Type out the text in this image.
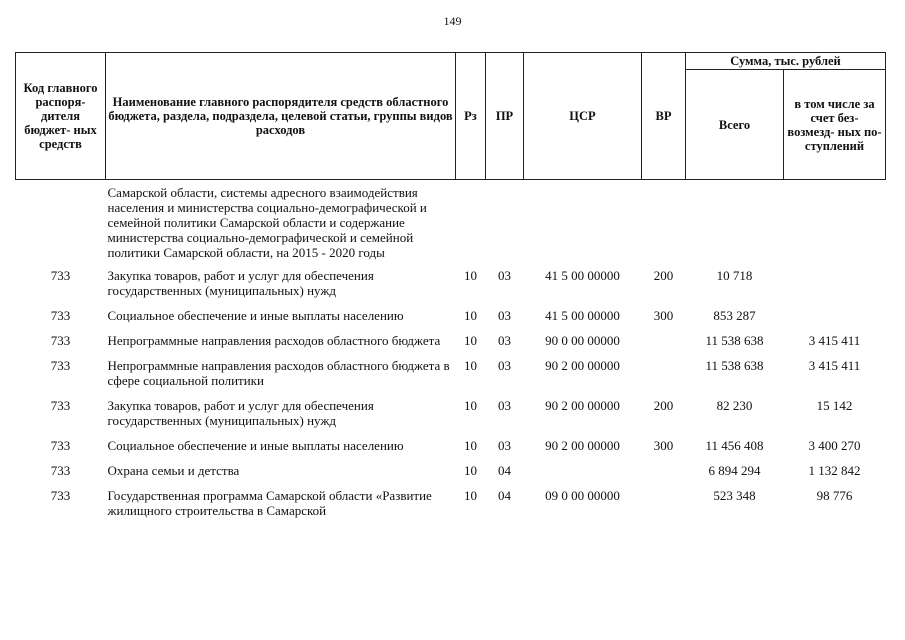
149
Код главного распоря- дителя бюджет- ных средств	Наименование главного распорядителя средств областного бюджета, раздела, подраздела, целевой статьи, группы видов расходов	Рз	ПР	ЦСР	ВР	Сумма, тыс. рублей	
						Всего	в том числе за счет без- возмезд- ных по- ступлений
	Самарской области, системы адресного взаимодействия населения и министерства социально-демографической и семейной политики Самарской области и содержание министерства социально-демографической и семейной политики Самарской области, на 2015 - 2020 годы						
733	Закупка товаров, работ и услуг для обеспечения государственных (муниципальных) нужд	10	03	41 5 00 00000	200	10 718	
733	Социальное обеспечение и иные выплаты населению	10	03	41 5 00 00000	300	853 287	
733	Непрограммные направления расходов областного бюджета	10	03	90 0 00 00000		11 538 638	3 415 411
733	Непрограммные направления расходов областного бюджета в сфере социальной политики	10	03	90 2 00 00000		11 538 638	3 415 411
733	Закупка товаров, работ и услуг для обеспечения государственных (муниципальных) нужд	10	03	90 2 00 00000	200	82 230	15 142
733	Социальное обеспечение и иные выплаты населению	10	03	90 2 00 00000	300	11 456 408	3 400 270
733	Охрана семьи и детства	10	04			6 894 294	1 132 842
733	Государственная программа Самарской области «Развитие жилищного строительства в Самарской	10	04	09 0 00 00000		523 348	98 776
